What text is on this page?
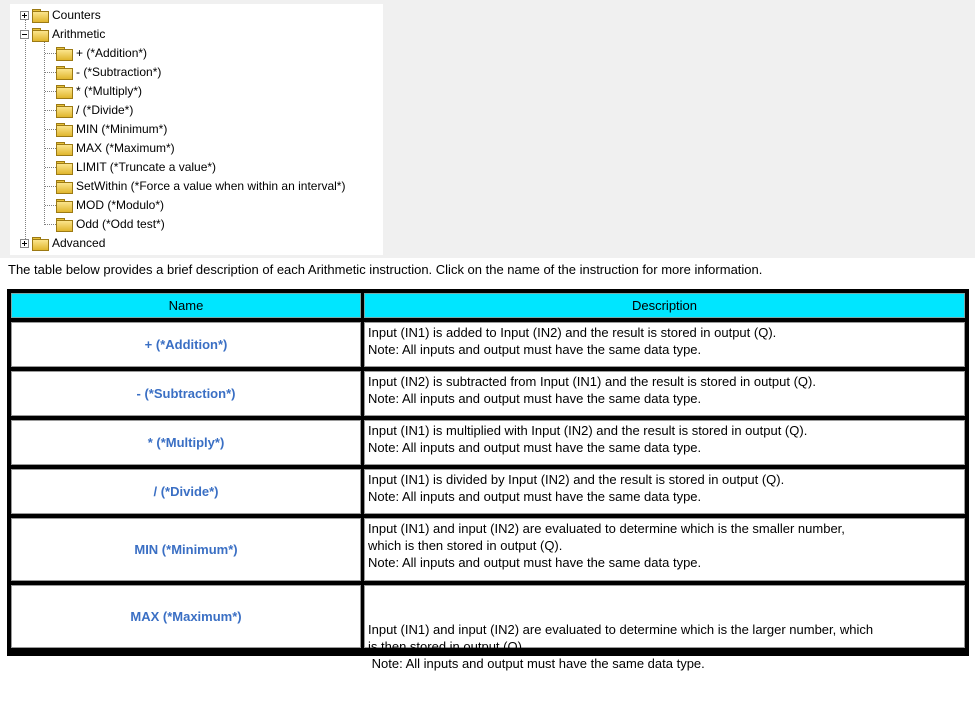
Counters
Arithmetic
+ (*Addition*)
- (*Subtraction*)
* (*Multiply*)
/ (*Divide*)
MIN (*Minimum*)
MAX (*Maximum*)
LIMIT (*Truncate a value*)
SetWithin (*Force a value when within an interval*)
MOD (*Modulo*)
Odd (*Odd test*)
Advanced
The table below provides a brief description of each Arithmetic instruction. Click on the name of the instruction for more information.
Name	Description
+ (*Addition*)
Input (IN1) is added to Input (IN2) and the result is stored in output (Q).
Note: All inputs and output must have the same data type.
- (*Subtraction*)
Input (IN2) is subtracted from Input (IN1) and the result is stored in output (Q).
Note: All inputs and output must have the same data type.
* (*Multiply*)
Input (IN1) is multiplied with Input (IN2) and the result is stored in output (Q).
Note: All inputs and output must have the same data type.
/ (*Divide*)
Input (IN1) is divided by Input (IN2) and the result is stored in output (Q).
Note: All inputs and output must have the same data type.
MIN (*Minimum*)
Input (IN1) and input (IN2) are evaluated to determine which is the smaller number,
which is then stored in output (Q).
Note: All inputs and output must have the same data type.
MAX (*Maximum*)

Input (IN1) and input (IN2) are evaluated to determine which is the larger number, which
is then stored in output (Q).
Note: All inputs and output must have the same data type.
